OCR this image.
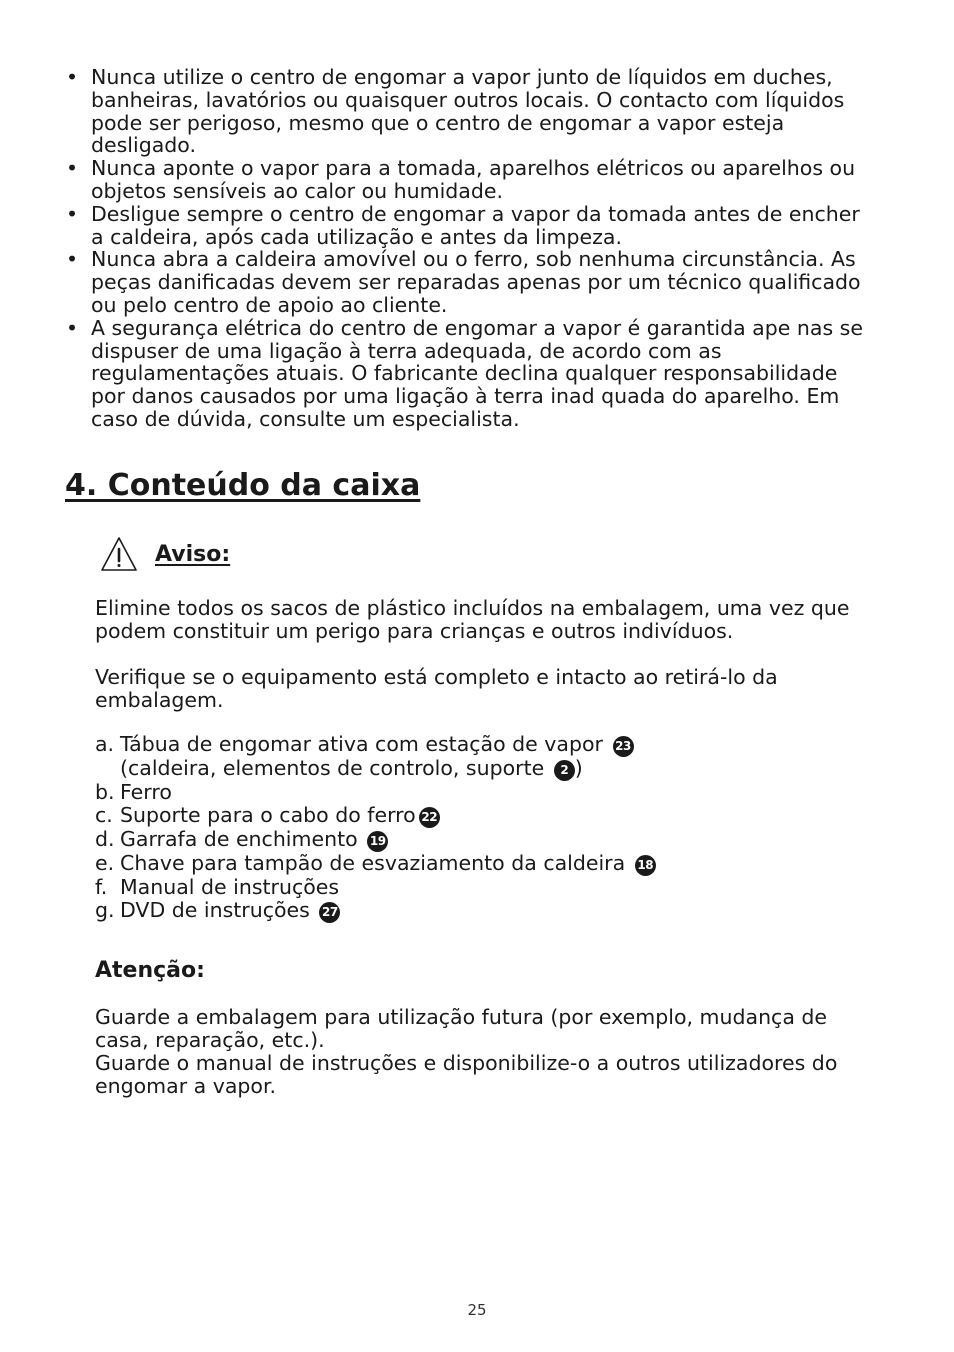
• Nunca utilize o centro de engomar a vapor junto de líquidos em duches, banheiras, lavatórios ou quaisquer outros locais. O contacto com líquidos pode ser perigoso, mesmo que o centro de engomar a vapor esteja desligado.
• Nunca aponte o vapor para a tomada, aparelhos elétricos ou aparelhos ou objetos sensíveis ao calor ou humidade.
• Desligue sempre o centro de engomar a vapor da tomada antes de encher a caldeira, após cada utilização e antes da limpeza.
• Nunca abra a caldeira amovível ou o ferro, sob nenhuma circunstância. As peças danificadas devem ser reparadas apenas por um técnico qualificado ou pelo centro de apoio ao cliente.
• A segurança elétrica do centro de engomar a vapor é garantida ape nas se dispuser de uma ligação à terra adequada, de acordo com as regulamentações atuais. O fabricante declina qualquer responsabilidade por danos causados por uma ligação à terra inad quada do aparelho. Em caso de dúvida, consulte um especialista.
4. Conteúdo da caixa
Aviso:

Elimine todos os sacos de plástico incluídos na embalagem, uma vez que podem constituir um perigo para crianças e outros indivíduos.

Verifique se o equipamento está completo e intacto ao retirá-lo da embalagem.

a. Tábua de engomar ativa com estação de vapor 23
(caldeira, elementos de controlo, suporte 2 )
b. Ferro
c. Suporte para o cabo do ferro 22
d. Garrafa de enchimento 19
e. Chave para tampão de esvaziamento da caldeira 18
f. Manual de instruções
g. DVD de instruções 27
Atenção:

Guarde a embalagem para utilização futura (por exemplo, mudança de casa, reparação, etc.).

Guarde o manual de instruções e disponibilize-o a outros utilizadores do engomar a vapor.

25
